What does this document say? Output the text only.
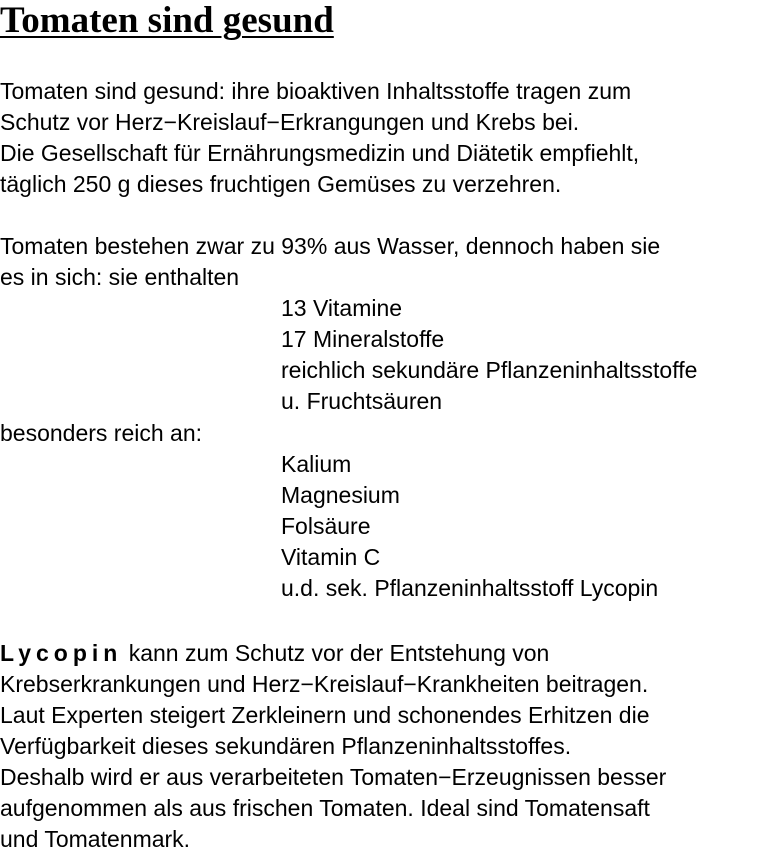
Tomaten sind gesund
Tomaten sind gesund: ihre bioaktiven Inhaltsstoffe tragen zum
Schutz vor Herz−Kreislauf−Erkrangungen und Krebs bei.
Die Gesellschaft für Ernährungsmedizin und Diätetik empfiehlt,
täglich 250 g dieses fruchtigen Gemüses zu verzehren.
Tomaten bestehen zwar zu 93% aus Wasser, dennoch haben sie
es in sich: sie enthalten
13 Vitamine
17 Mineralstoffe
reichlich sekundäre Pflanzeninhaltsstoffe
u. Fruchtsäuren
besonders reich an:
Kalium
Magnesium
Folsäure
Vitamin C
u.d. sek. Pflanzeninhaltsstoff Lycopin
Lycopin kann zum Schutz vor der Entstehung von
Krebserkrankungen und Herz−Kreislauf−Krankheiten beitragen.
Laut Experten steigert Zerkleinern und schonendes Erhitzen die
Verfügbarkeit dieses sekundären Pflanzeninhaltsstoffes.
Deshalb wird er aus verarbeiteten Tomaten−Erzeugnissen besser
aufgenommen als aus frischen Tomaten. Ideal sind Tomatensaft
und Tomatenmark.
